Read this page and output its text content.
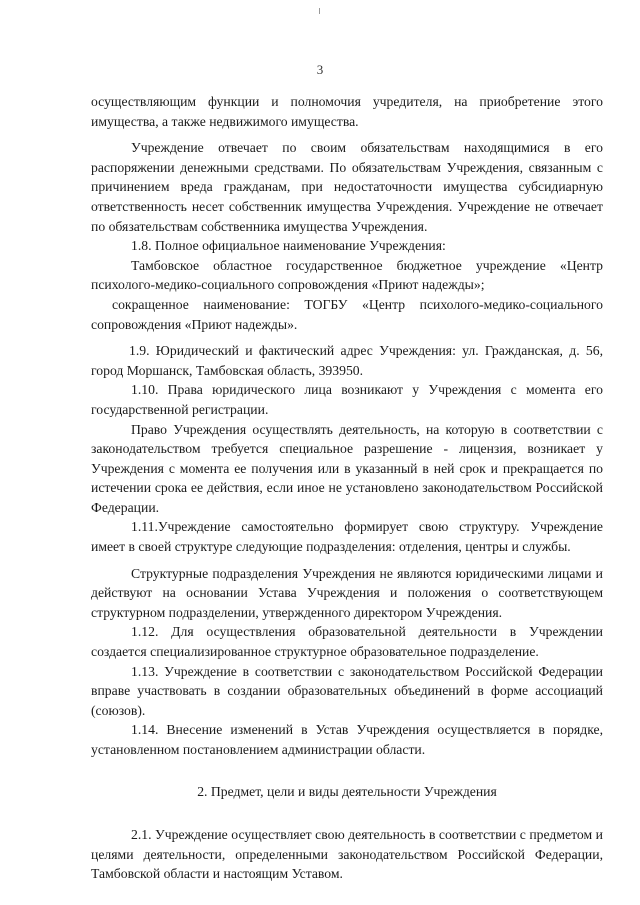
3

осуществляющим функции и полномочия учредителя, на приобретение этого имущества, а также недвижимого имущества.

Учреждение отвечает по своим обязательствам находящимися в его распоряжении денежными средствами. По обязательствам Учреждения, связанным с причинением вреда гражданам, при недостаточности имущества субсидиарную ответственность несет собственник имущества Учреждения. Учреждение не отвечает по обязательствам собственника имущества Учреждения.

1.8. Полное официальное наименование Учреждения:

Тамбовское областное государственное бюджетное учреждение «Центр психолого-медико-социального сопровождения «Приют надежды»;

сокращенное наименование: ТОГБУ «Центр психолого-медико-социального сопровождения «Приют надежды».

1.9. Юридический и фактический адрес Учреждения: ул. Гражданская, д. 56, город Моршанск, Тамбовская область, 393950.

1.10. Права юридического лица возникают у Учреждения с момента его государственной регистрации.

Право Учреждения осуществлять деятельность, на которую в соответствии с законодательством требуется специальное разрешение - лицензия, возникает у Учреждения с момента ее получения или в указанный в ней срок и прекращается по истечении срока ее действия, если иное не установлено законодательством Российской Федерации.

1.11.Учреждение самостоятельно формирует свою структуру. Учреждение имеет в своей структуре следующие подразделения: отделения, центры и службы.

Структурные подразделения Учреждения не являются юридическими лицами и действуют на основании Устава Учреждения и положения о соответствующем структурном подразделении, утвержденного директором Учреждения.

1.12. Для осуществления образовательной деятельности в Учреждении создается специализированное структурное образовательное подразделение.

1.13. Учреждение в соответствии с законодательством Российской Федерации вправе участвовать в создании образовательных объединений в форме ассоциаций (союзов).

1.14. Внесение изменений в Устав Учреждения осуществляется в порядке, установленном постановлением администрации области.

2. Предмет, цели и виды деятельности Учреждения

2.1. Учреждение осуществляет свою деятельность в соответствии с предметом и целями деятельности, определенными законодательством Российской Федерации, Тамбовской области и настоящим Уставом.
